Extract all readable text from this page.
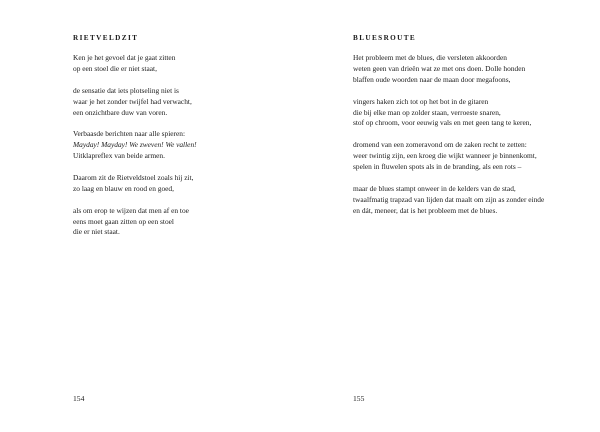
RIETVELDZIT
Ken je het gevoel dat je gaat zitten
op een stoel die er niet staat,
de sensatie dat iets plotseling niet is
waar je het zonder twijfel had verwacht,
een onzichtbare duw van voren.
Verbaasde berichten naar alle spieren:
Mayday! Mayday! We zweven! We vallen!
Uitklapreflex van beide armen.
Daarom zit de Rietveldstoel zoals hij zit,
zo laag en blauw en rood en goed,
als om erop te wijzen dat men af en toe
eens moet gaan zitten op een stoel
die er niet staat.
154
BLUESROUTE
Het probleem met de blues, die versleten akkoorden
weten geen van drieën wat ze met ons doen. Dolle honden
blaffen oude woorden naar de maan door megafoons,
vingers haken zich tot op het bot in de gitaren
die bij elke man op zolder staan, verroeste snaren,
stof op chroom, voor eeuwig vals en met geen tang te keren,
dromend van een zomeravond om de zaken recht te zetten:
weer twintig zijn, een kroeg die wijkt wanneer je binnenkomt,
spelen in fluwelen spots als in de branding, als een rots –
maar de blues stampt onweer in de kelders van de stad,
twaalfmatig trapzad van lijden dat maalt om zijn as zonder einde
en dát, meneer, dat is het probleem met de blues.
155
